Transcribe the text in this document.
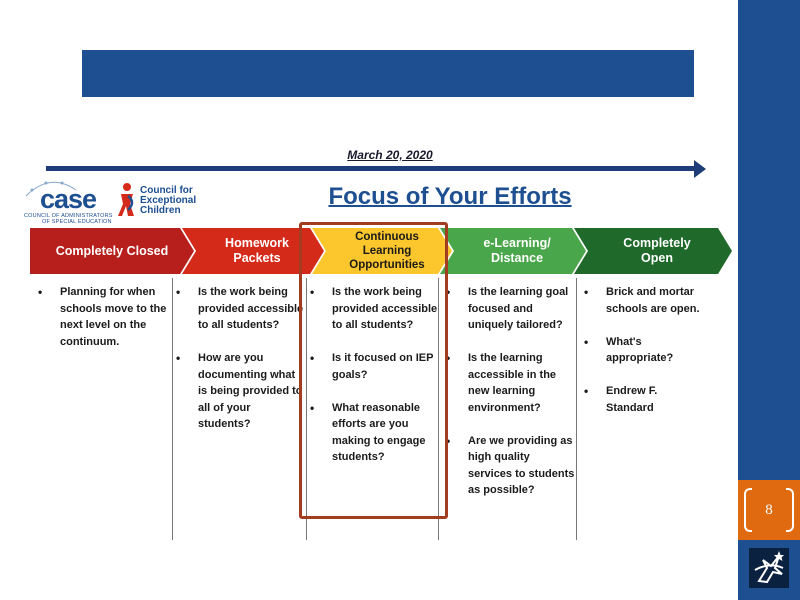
8
March 20, 2020
case
COUNCIL OF ADMINISTRATORS
OF SPECIAL EDUCATION
Council for Exceptional Children
Focus of Your Efforts
Completely Closed
Homework Packets
Continuous Learning Opportunities
e-Learning/ Distance
Completely Open
• Planning for when schools move to the next level on the continuum.
• Is the work being provided accessible to all students?
• How are you documenting what is being provided to all of your students?
• Is the work being provided accessible to all students?
• Is it focused on IEP goals?
• What reasonable efforts are you making to engage students?
• Is the learning goal focused and uniquely tailored?
• Is the learning accessible in the new learning environment?
• Are we providing as high quality services to students as possible?
• Brick and mortar schools are open.
• What's appropriate?
• Endrew F. Standard
